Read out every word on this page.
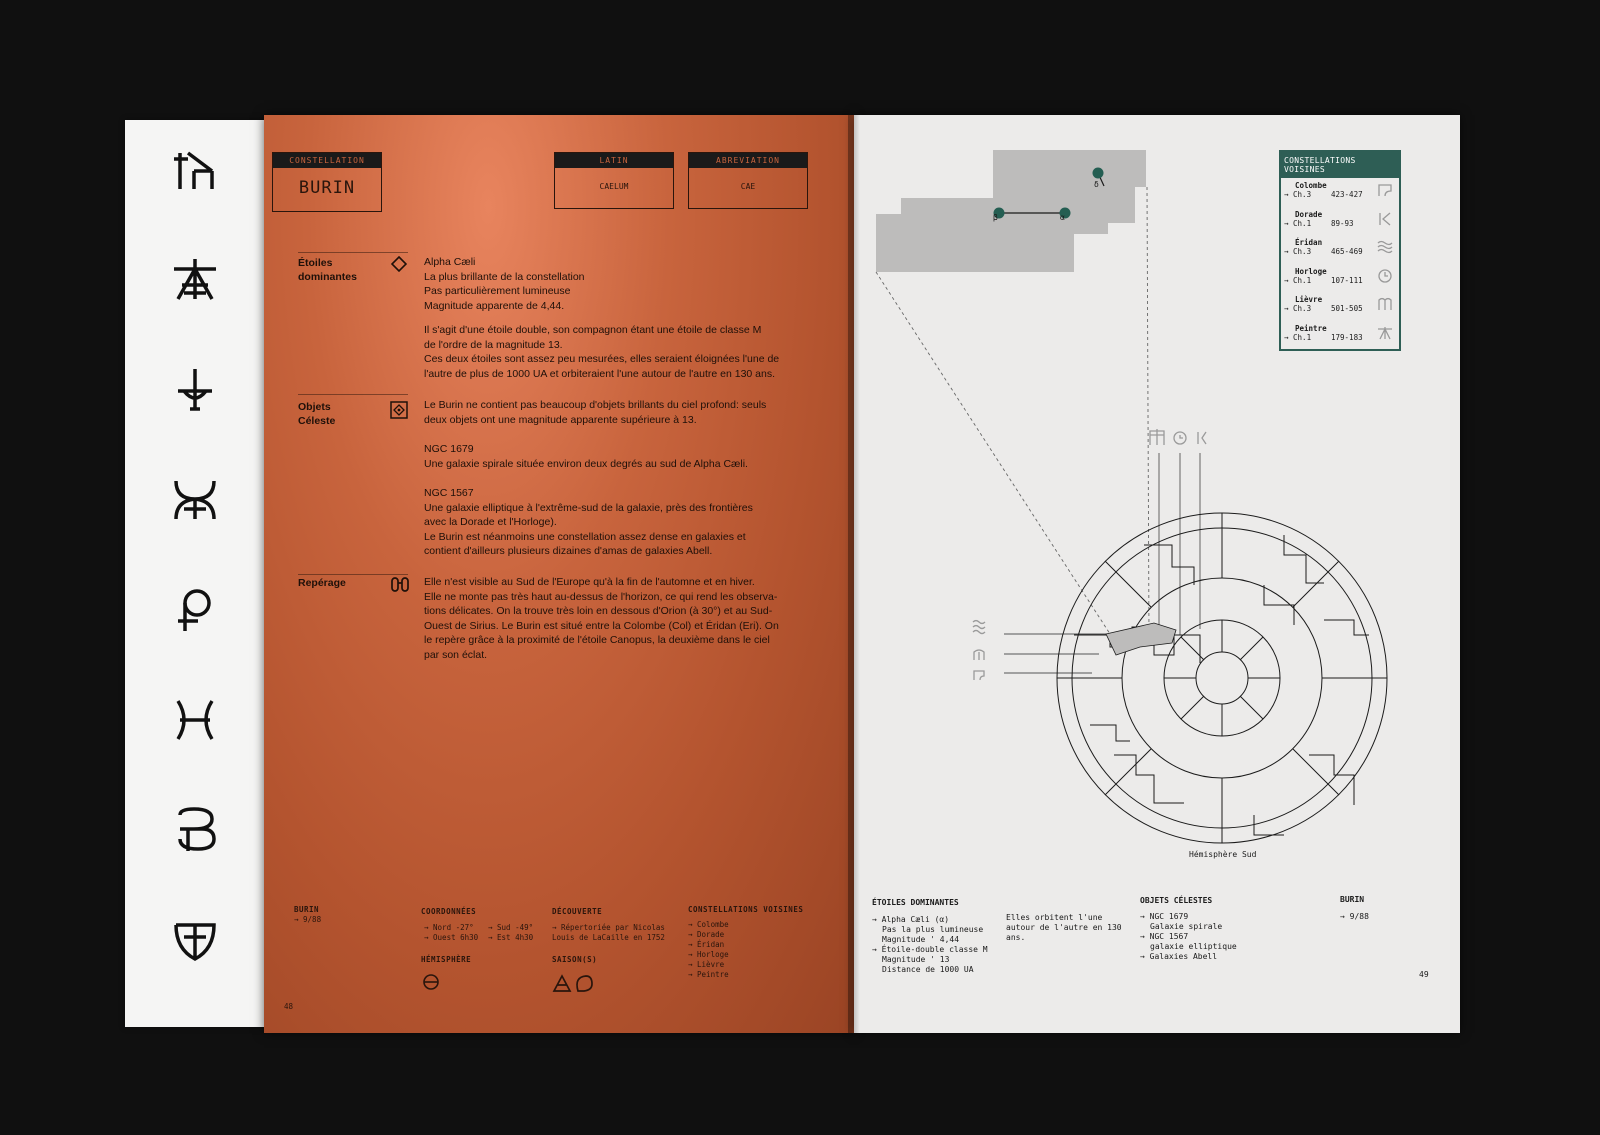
CONSTELLATION
BURIN
LATIN
CAELUM
ABREVIATION
CAE
Étoiles
dominantes
Alpha Cæli
La plus brillante de la constellation
Pas particulièrement lumineuse
Magnitude apparente de 4,44.
Il s'agit d'une étoile double, son compagnon étant une étoile de classe M
de l'ordre de la magnitude 13.
Ces deux étoiles sont assez peu mesurées, elles seraient éloignées l'une de
l'autre de plus de 1000 UA et orbiteraient l'une autour de l'autre en 130 ans.
Objets
Céleste
Le Burin ne contient pas beaucoup d'objets brillants du ciel profond: seuls
deux objets ont une magnitude apparente supérieure à 13.
NGC 1679
Une galaxie spirale située environ deux degrés au sud de Alpha Cæli.
NGC 1567
Une galaxie elliptique à l'extrême-sud de la galaxie, près des frontières
avec la Dorade et l'Horloge).
Le Burin est néanmoins une constellation assez dense en galaxies et
contient d'ailleurs plusieurs dizaines d'amas de galaxies Abell.
Repérage	Elle n'est visible au Sud de l'Europe qu'à la fin de l'automne et en hiver.
Elle ne monte pas très haut au-dessus de l'horizon, ce qui rend les observa-
tions délicates. On la trouve très loin en dessous d'Orion (à 30°) et au Sud-
Ouest de Sirius. Le Burin est situé entre la Colombe (Col) et Éridan (Eri). On
le repère grâce à la proximité de l'étoile Canopus, la deuxième dans le ciel
par son éclat.
BURIN
→ 9/88
COORDONNÉES
→ Nord -27°
→ Ouest 6h30
→ Sud -49°
→ Est 4h30
HÉMISPHÈRE
DÉCOUVERTE
→ Répertoriée par Nicolas
Louis de LaCaille en 1752
SAISON(S)
CONSTELLATIONS VOISINES
→ Colombe
→ Dorade
→ Éridan
→ Horloge
→ Lièvre
→ Peintre
48
β	α
δ
CONSTELLATIONS VOISINES
Colombe
→ Ch.3	423-427
Dorade
→ Ch.1	89-93
Éridan
→ Ch.3	465-469
Horloge
→ Ch.1	107-111
Lièvre
→ Ch.3	501-505
Peintre
→ Ch.1	179-183
Hémisphère Sud
ÉTOILES DOMINANTES
→ Alpha Cæli (α)
Pas la plus lumineuse
Magnitude ' 4,44
→ Étoile-double classe M
Magnitude ' 13
Distance de 1000 UA
Elles orbitent l'une
autour de l'autre en 130
ans.
OBJETS CÉLESTES
→ NGC 1679
Galaxie spirale
→ NGC 1567
galaxie elliptique
→ Galaxies Abell
BURIN
→ 9/88
49
